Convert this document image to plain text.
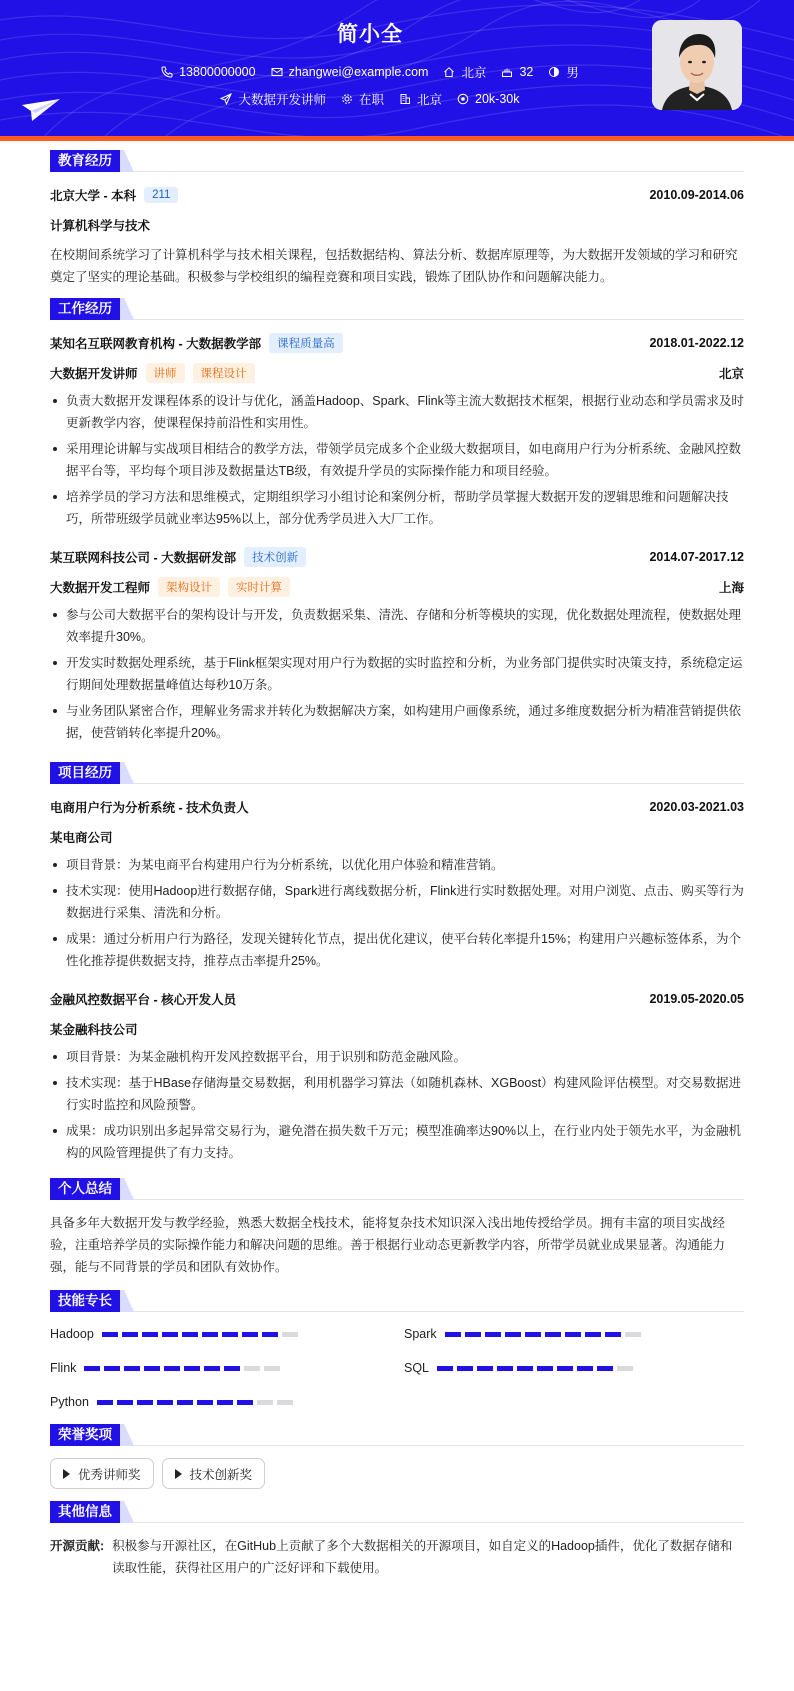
简小全
13800000000	zhangwei@example.com	北京	32	男
大数据开发讲师	在职	北京	20k-30k
教育经历
北京大学 - 本科	211	2010.09-2014.06
计算机科学与技术

在校期间系统学习了计算机科学与技术相关课程，包括数据结构、算法分析、数据库原理等，为大数据开发领域的学习和研究奠定了坚实的理论基础。积极参与学校组织的编程竞赛和项目实践，锻炼了团队协作和问题解决能力。

工作经历
某知名互联网教育机构 - 大数据教学部	课程质量高	2018.01-2022.12
大数据开发讲师	讲师	课程设计	北京
负责大数据开发课程体系的设计与优化，涵盖Hadoop、Spark、Flink等主流大数据技术框架，根据行业动态和学员需求及时更新教学内容，使课程保持前沿性和实用性。
采用理论讲解与实战项目相结合的教学方法，带领学员完成多个企业级大数据项目，如电商用户行为分析系统、金融风控数据平台等，平均每个项目涉及数据量达TB级，有效提升学员的实际操作能力和项目经验。
培养学员的学习方法和思维模式，定期组织学习小组讨论和案例分析，帮助学员掌握大数据开发的逻辑思维和问题解决技巧，所带班级学员就业率达95%以上，部分优秀学员进入大厂工作。
某互联网科技公司 - 大数据研发部	技术创新	2014.07-2017.12
大数据开发工程师	架构设计	实时计算	上海
参与公司大数据平台的架构设计与开发，负责数据采集、清洗、存储和分析等模块的实现，优化数据处理流程，使数据处理效率提升30%。
开发实时数据处理系统，基于Flink框架实现对用户行为数据的实时监控和分析，为业务部门提供实时决策支持，系统稳定运行期间处理数据量峰值达每秒10万条。
与业务团队紧密合作，理解业务需求并转化为数据解决方案，如构建用户画像系统，通过多维度数据分析为精准营销提供依据，使营销转化率提升20%。
项目经历
电商用户行为分析系统 - 技术负责人	2020.03-2021.03
某电商公司
项目背景：为某电商平台构建用户行为分析系统，以优化用户体验和精准营销。
技术实现：使用Hadoop进行数据存储，Spark进行离线数据分析，Flink进行实时数据处理。对用户浏览、点击、购买等行为数据进行采集、清洗和分析。
成果：通过分析用户行为路径，发现关键转化节点，提出优化建议，使平台转化率提升15%；构建用户兴趣标签体系，为个性化推荐提供数据支持，推荐点击率提升25%。
金融风控数据平台 - 核心开发人员	2019.05-2020.05
某金融科技公司
项目背景：为某金融机构开发风控数据平台，用于识别和防范金融风险。
技术实现：基于HBase存储海量交易数据，利用机器学习算法（如随机森林、XGBoost）构建风险评估模型。对交易数据进行实时监控和风险预警。
成果：成功识别出多起异常交易行为，避免潜在损失数千万元；模型准确率达90%以上，在行业内处于领先水平，为金融机构的风险管理提供了有力支持。
个人总结

具备多年大数据开发与教学经验，熟悉大数据全栈技术，能将复杂技术知识深入浅出地传授给学员。拥有丰富的项目实战经验，注重培养学员的实际操作能力和解决问题的思维。善于根据行业动态更新教学内容，所带学员就业成果显著。沟通能力强，能与不同背景的学员和团队有效协作。

技能专长
Hadoop	Spark
Flink	SQL
Python
荣誉奖项
优秀讲师奖	技术创新奖
其他信息
开源贡献: 积极参与开源社区，在GitHub上贡献了多个大数据相关的开源项目，如自定义的Hadoop插件，优化了数据存储和读取性能，获得社区用户的广泛好评和下载使用。
